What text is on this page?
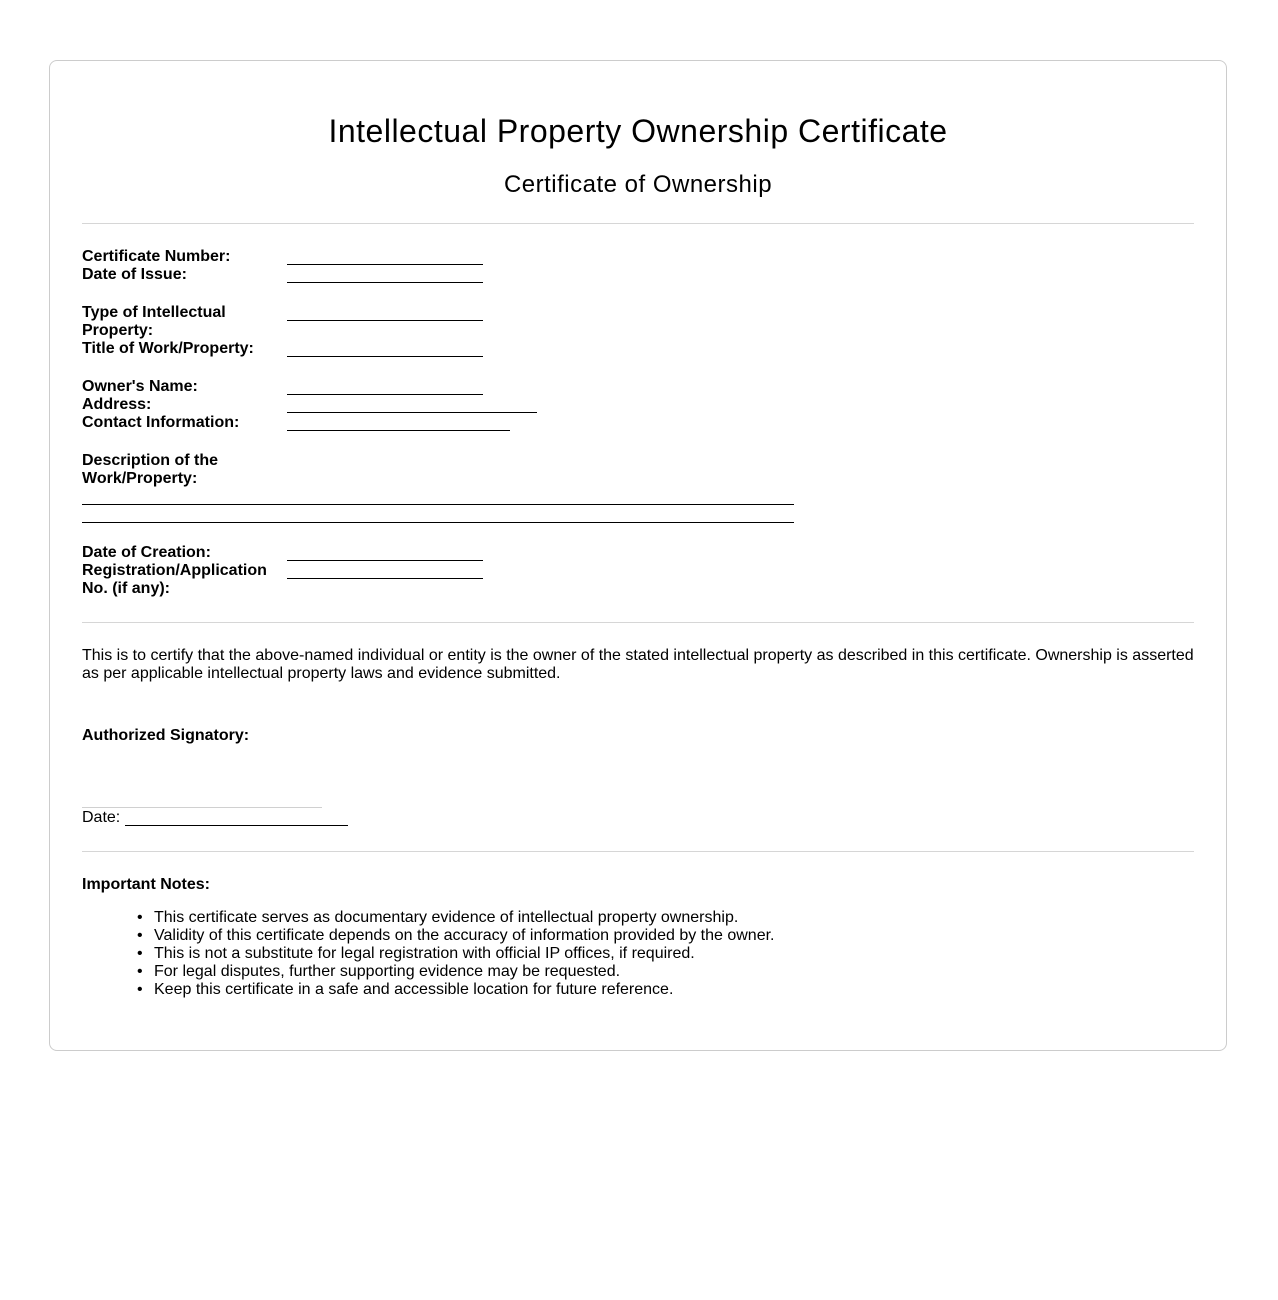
Intellectual Property Ownership Certificate
Certificate of Ownership
Certificate Number:
Date of Issue:
Type of Intellectual Property:
Title of Work/Property:
Owner's Name:
Address:
Contact Information:
Description of the Work/Property:
Date of Creation:
Registration/Application No. (if any):
This is to certify that the above-named individual or entity is the owner of the stated intellectual property as described in this certificate. Ownership is asserted as per applicable intellectual property laws and evidence submitted.
Authorized Signatory:
Date:
Important Notes:
• This certificate serves as documentary evidence of intellectual property ownership.
• Validity of this certificate depends on the accuracy of information provided by the owner.
• This is not a substitute for legal registration with official IP offices, if required.
• For legal disputes, further supporting evidence may be requested.
• Keep this certificate in a safe and accessible location for future reference.
